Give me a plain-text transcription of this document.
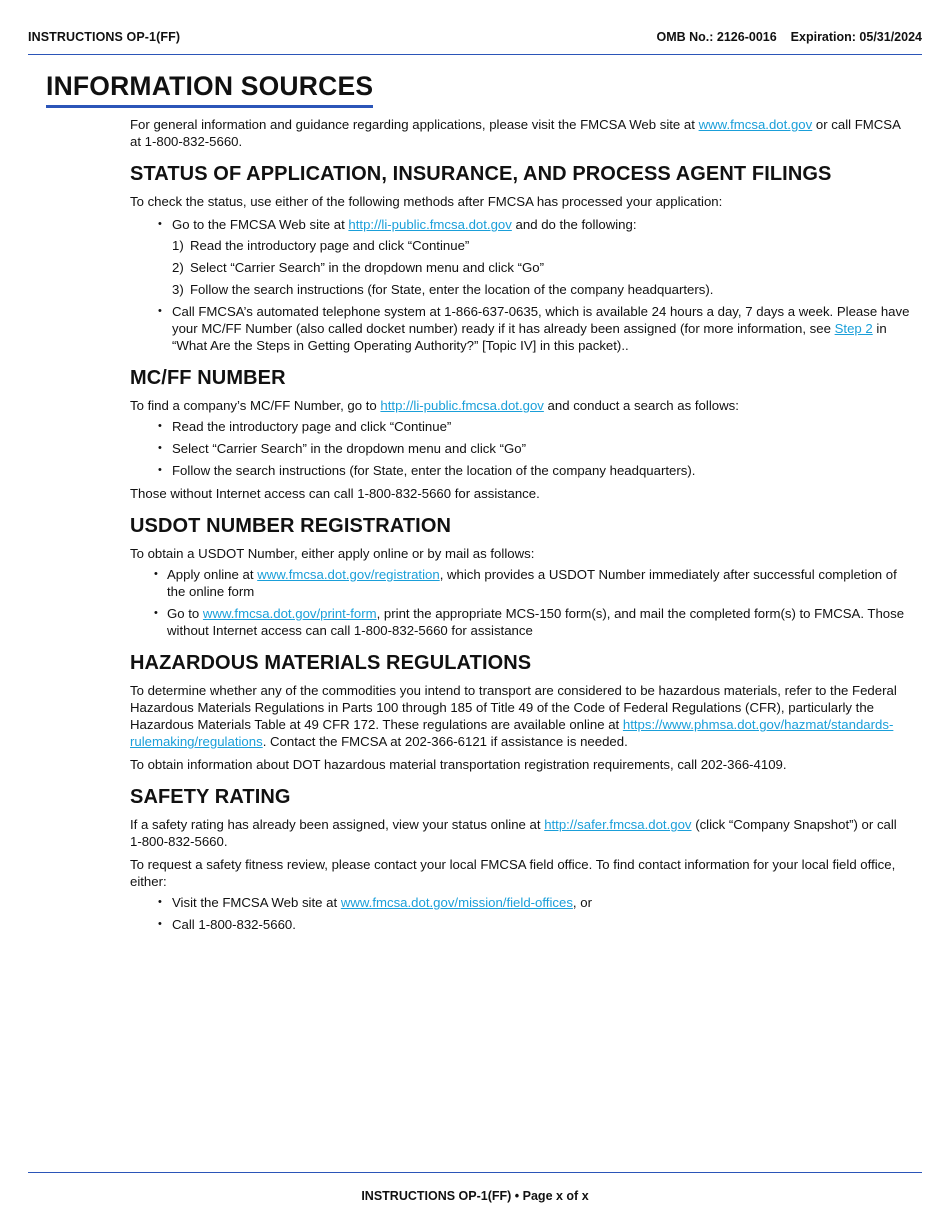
INSTRUCTIONS OP-1(FF)	OMB No.: 2126-0016 Expiration: 05/31/2024
INFORMATION SOURCES

For general information and guidance regarding applications, please visit the FMCSA Web site at www.fmcsa.dot.gov or call FMCSA at 1-800-832-5660.

STATUS OF APPLICATION, INSURANCE, AND PROCESS AGENT FILINGS

To check the status, use either of the following methods after FMCSA has processed your application:

• Go to the FMCSA Web site at http://li-public.fmcsa.dot.gov and do the following:
1) Read the introductory page and click “Continue”
2) Select “Carrier Search” in the dropdown menu and click “Go”
3) Follow the search instructions (for State, enter the location of the company headquarters).
• Call FMCSA’s automated telephone system at 1-866-637-0635, which is available 24 hours a day, 7 days a week. Please have your MC/FF Number (also called docket number) ready if it has already been assigned (for more information, see Step 2 in “What Are the Steps in Getting Operating Authority?” [Topic IV] in this packet)..
MC/FF NUMBER

To find a company’s MC/FF Number, go to http://li-public.fmcsa.dot.gov and conduct a search as follows:

• Read the introductory page and click “Continue”
• Select “Carrier Search” in the dropdown menu and click “Go”
• Follow the search instructions (for State, enter the location of the company headquarters).

Those without Internet access can call 1-800-832-5660 for assistance.

USDOT NUMBER REGISTRATION

To obtain a USDOT Number, either apply online or by mail as follows:

• Apply online at www.fmcsa.dot.gov/registration, which provides a USDOT Number immediately after successful completion of the online form
• Go to www.fmcsa.dot.gov/print-form, print the appropriate MCS-150 form(s), and mail the completed form(s) to FMCSA. Those without Internet access can call 1-800-832-5660 for assistance
HAZARDOUS MATERIALS REGULATIONS

To determine whether any of the commodities you intend to transport are considered to be hazardous materials, refer to the Federal Hazardous Materials Regulations in Parts 100 through 185 of Title 49 of the Code of Federal Regulations (CFR), particularly the Hazardous Materials Table at 49 CFR 172. These regulations are available online at https://www.phmsa.dot.gov/hazmat/standards-rulemaking/regulations. Contact the FMCSA at 202-366-6121 if assistance is needed.

To obtain information about DOT hazardous material transportation registration requirements, call 202-366-4109.

SAFETY RATING

If a safety rating has already been assigned, view your status online at http://safer.fmcsa.dot.gov (click “Company Snapshot”) or call 1-800-832-5660.

To request a safety fitness review, please contact your local FMCSA field office. To find contact information for your local field office, either:

• Visit the FMCSA Web site at www.fmcsa.dot.gov/mission/field-offices, or
• Call 1-800-832-5660.
INSTRUCTIONS OP-1(FF) • Page x of x
